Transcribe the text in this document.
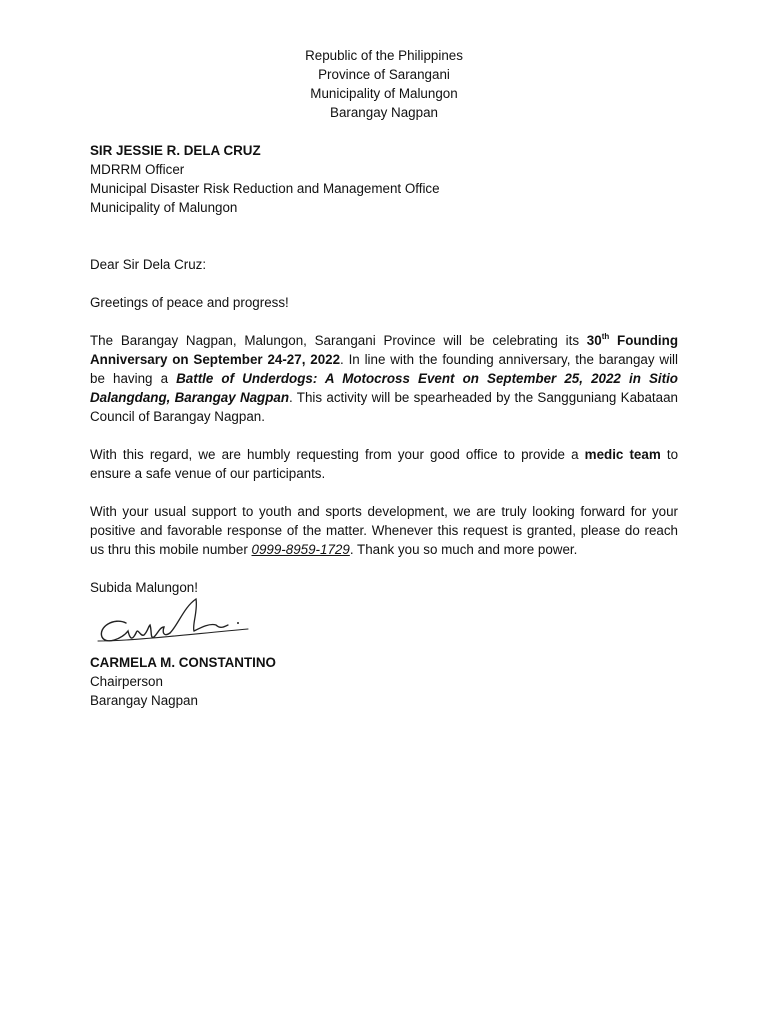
Republic of the Philippines
Province of Sarangani
Municipality of Malungon
Barangay Nagpan
SIR JESSIE R. DELA CRUZ
MDRRM Officer
Municipal Disaster Risk Reduction and Management Office
Municipality of Malungon
Dear Sir Dela Cruz:
Greetings of peace and progress!

The Barangay Nagpan, Malungon, Sarangani Province will be celebrating its 30th Founding Anniversary on September 24-27, 2022. In line with the founding anniversary, the barangay will be having a Battle of Underdogs: A Motocross Event on September 25, 2022 in Sitio Dalangdang, Barangay Nagpan. This activity will be spearheaded by the Sangguniang Kabataan Council of Barangay Nagpan.

With this regard, we are humbly requesting from your good office to provide a medic team to ensure a safe venue of our participants.

With your usual support to youth and sports development, we are truly looking forward for your positive and favorable response of the matter. Whenever this request is granted, please do reach us thru this mobile number 0999-8959-1729. Thank you so much and more power.

Subida Malungon!
CARMELA M. CONSTANTINO
Chairperson
Barangay Nagpan
